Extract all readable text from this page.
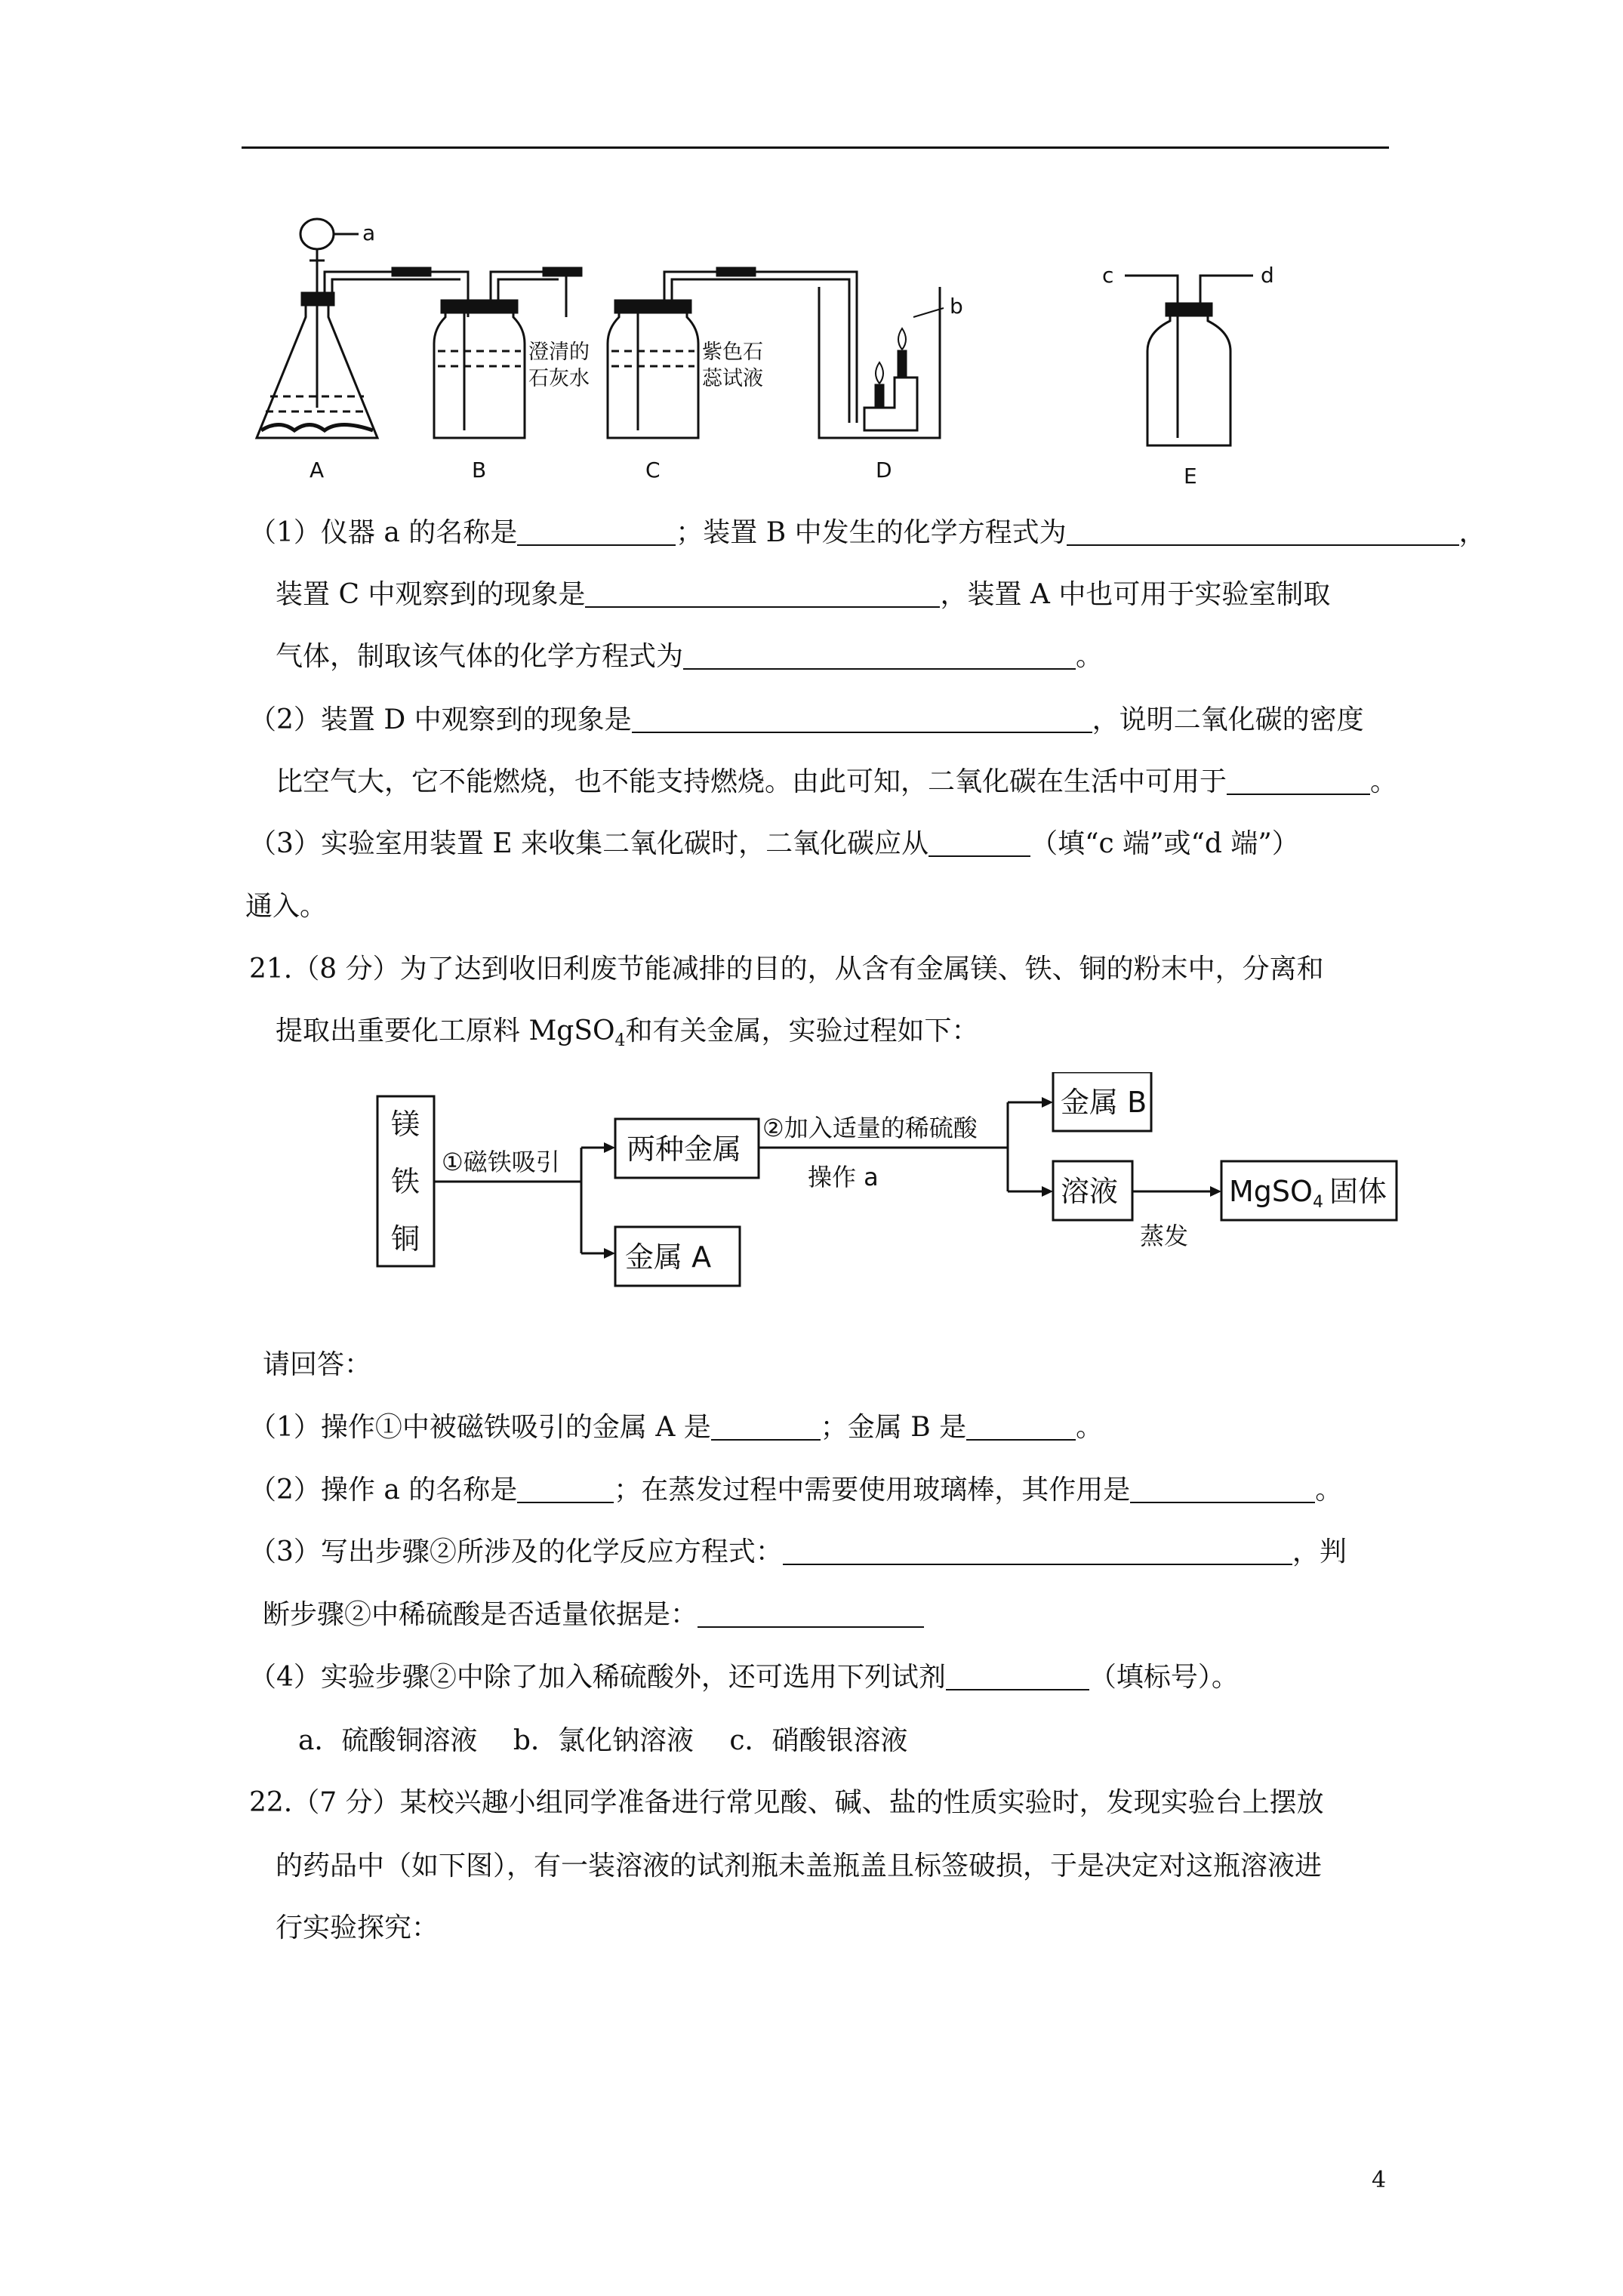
a
b
c	d
A	B	C	D	E
澄清的
石灰水
紫色石
蕊试液
（1）仪器 a 的名称是	；装置 B 中发生的化学方程式为	，
装置 C 中观察到的现象是	，装置 A 中也可用于实验室制取
气体，制取该气体的化学方程式为	。
（2）装置 D 中观察到的现象是	，说明二氧化碳的密度
比空气大，它不能燃烧，也不能支持燃烧。由此可知，二氧化碳在生活中可用于	。
（3）实验室用装置 E 来收集二氧化碳时，二氧化碳应从	（填“c 端”或“d 端”）
通入。
21.（8 分）为了达到收旧利废节能减排的目的，从含有金属镁、铁、铜的粉末中，分离和
提取出重要化工原料 MgSO$_4$和有关金属，实验过程如下：
镁
铁
铜
两种金属
金属 B
溶液	MgSO$_4$ 固体
金属 A
①磁铁吸引
②加入适量的稀硫酸
操作 a
蒸发
请回答：
（1）操作①中被磁铁吸引的金属 A 是	；金属 B 是	。
（2）操作 a 的名称是	；在蒸发过程中需要使用玻璃棒，其作用是	。
（3）写出步骤②所涉及的化学反应方程式：	，判
断步骤②中稀硫酸是否适量依据是：
（4）实验步骤②中除了加入稀硫酸外，还可选用下列试剂	（填标号）。
a．硫酸铜溶液　 b．氯化钠溶液 　c．硝酸银溶液
22.（7 分）某校兴趣小组同学准备进行常见酸、碱、盐的性质实验时，发现实验台上摆放
的药品中（如下图），有一装溶液的试剂瓶未盖瓶盖且标签破损，于是决定对这瓶溶液进
行实验探究：
4
